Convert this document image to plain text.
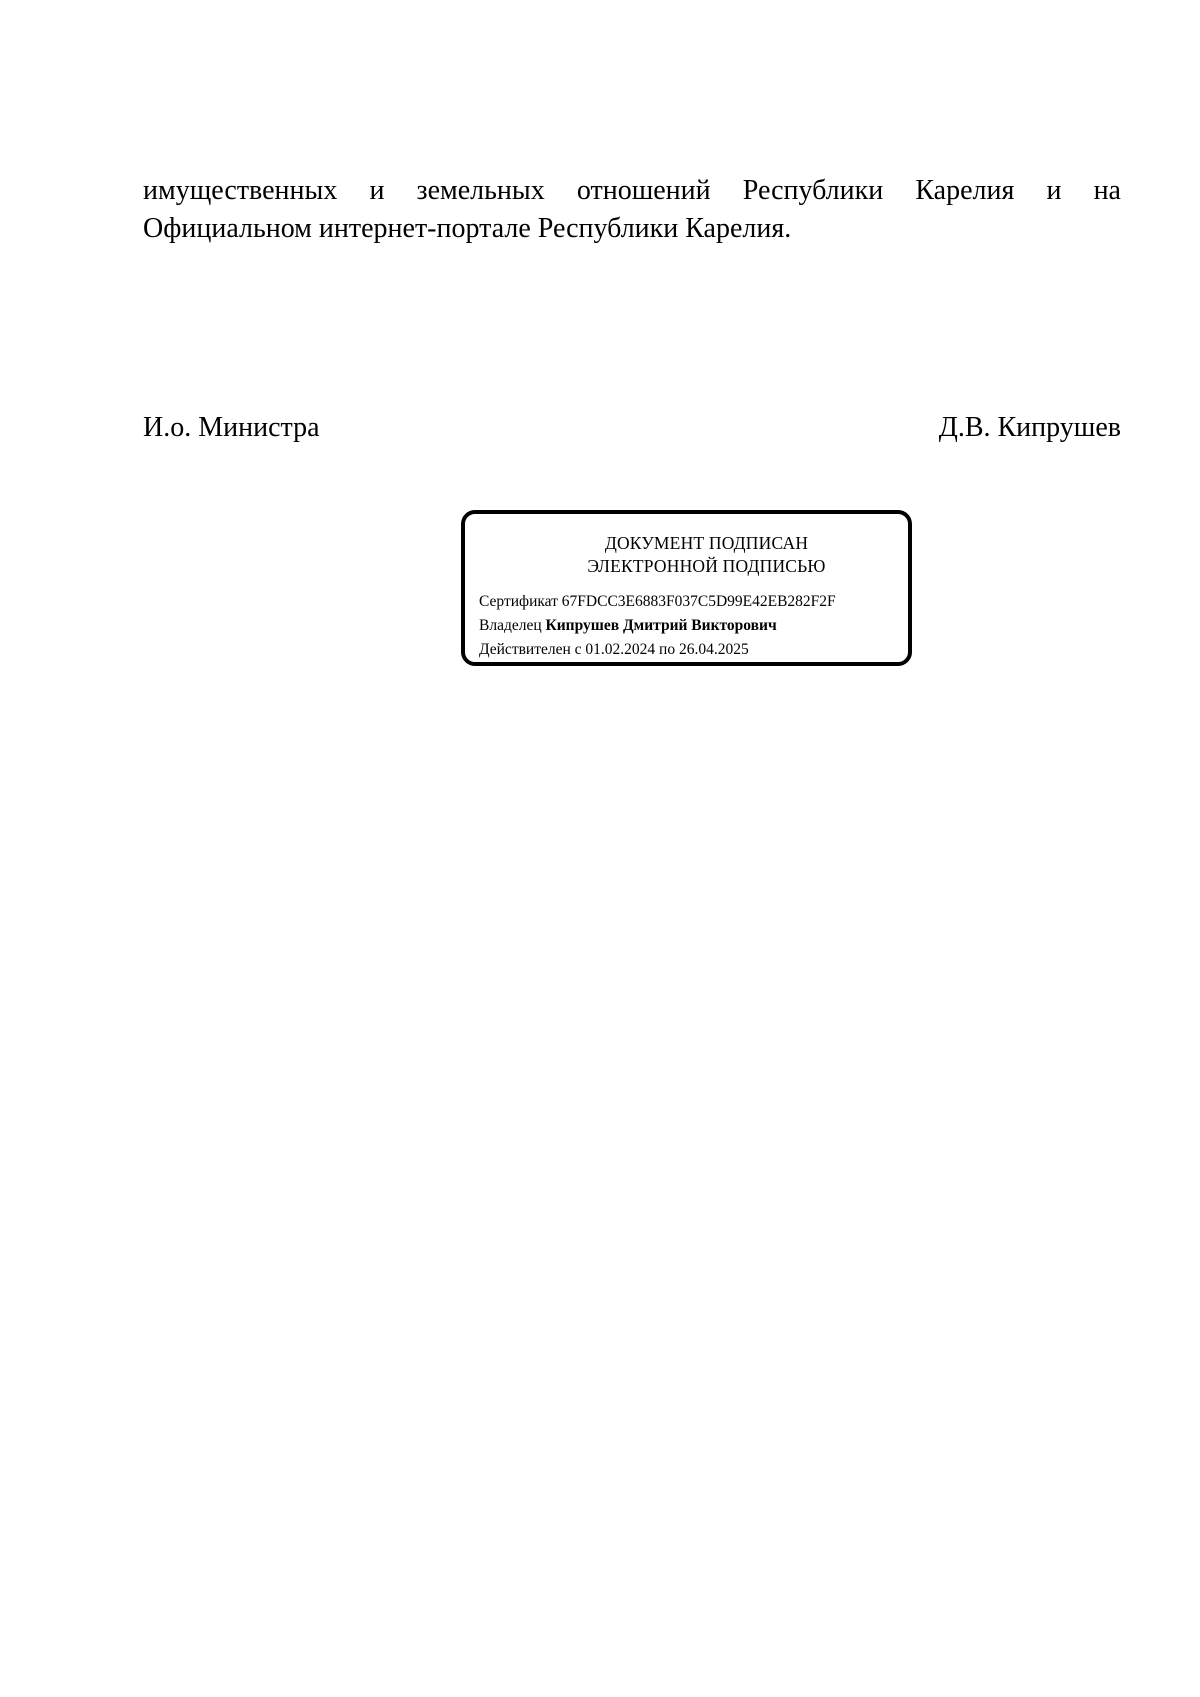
имущественных и земельных отношений Республики Карелия и на
Официальном интернет-портале Республики Карелия.
И.о. Министра	Д.В. Кипрушев
ДОКУМЕНТ ПОДПИСАН
ЭЛЕКТРОННОЙ ПОДПИСЬЮ
Сертификат 67FDCC3E6883F037C5D99E42EB282F2F
Владелец Кипрушев Дмитрий Викторович
Действителен с 01.02.2024 по 26.04.2025
